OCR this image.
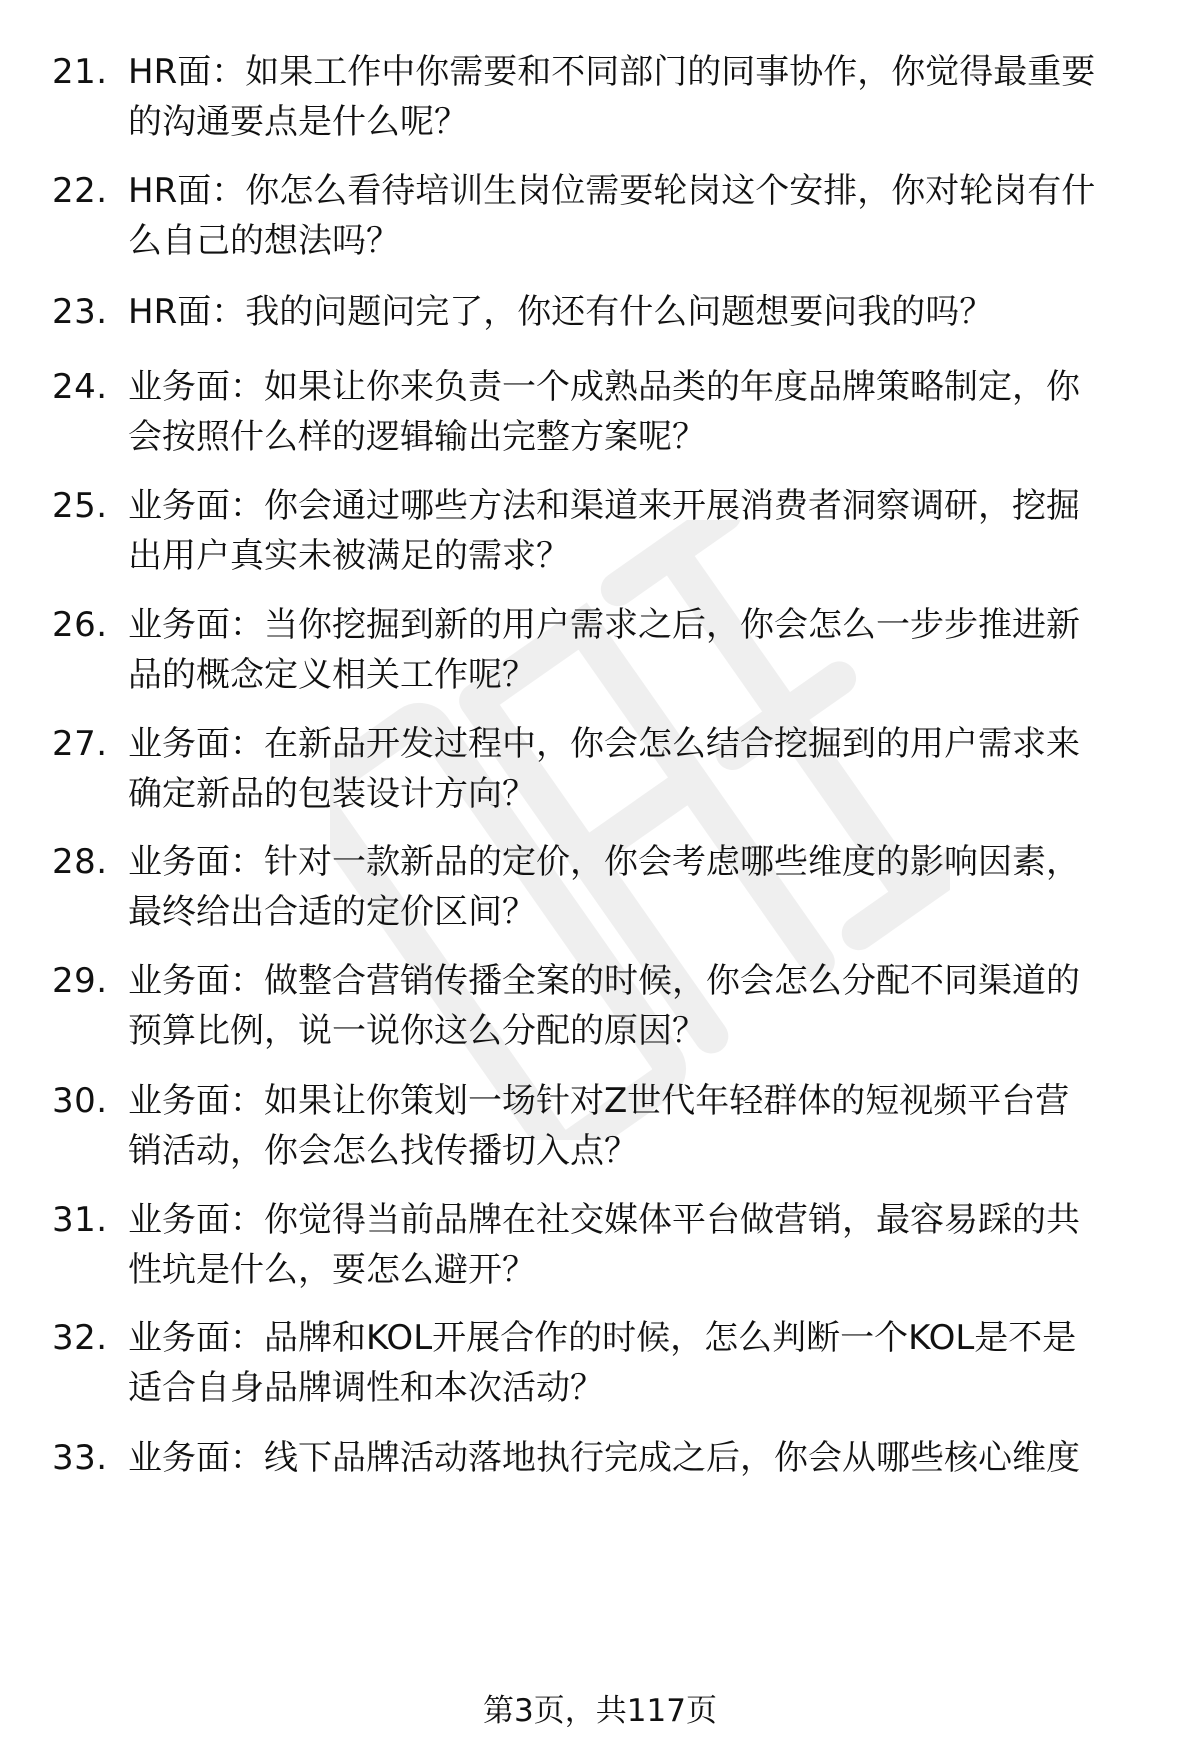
21. HR面：如果工作中你需要和不同部门的同事协作，你觉得最重要
的沟通要点是什么呢？
22. HR面：你怎么看待培训生岗位需要轮岗这个安排，你对轮岗有什
么自己的想法吗？
23. HR面：我的问题问完了，你还有什么问题想要问我的吗？
24. 业务面：如果让你来负责一个成熟品类的年度品牌策略制定，你
会按照什么样的逻辑输出完整方案呢？
25. 业务面：你会通过哪些方法和渠道来开展消费者洞察调研，挖掘
出用户真实未被满足的需求？
26. 业务面：当你挖掘到新的用户需求之后，你会怎么一步步推进新
品的概念定义相关工作呢？
27. 业务面：在新品开发过程中，你会怎么结合挖掘到的用户需求来
确定新品的包装设计方向？
28. 业务面：针对一款新品的定价，你会考虑哪些维度的影响因素，
最终给出合适的定价区间？
29. 业务面：做整合营销传播全案的时候，你会怎么分配不同渠道的
预算比例，说一说你这么分配的原因？
30. 业务面：如果让你策划一场针对Z世代年轻群体的短视频平台营
销活动，你会怎么找传播切入点？
31. 业务面：你觉得当前品牌在社交媒体平台做营销，最容易踩的共
性坑是什么，要怎么避开？
32. 业务面：品牌和KOL开展合作的时候，怎么判断一个KOL是不是
适合自身品牌调性和本次活动？
33. 业务面：线下品牌活动落地执行完成之后，你会从哪些核心维度
第3页，共117页
